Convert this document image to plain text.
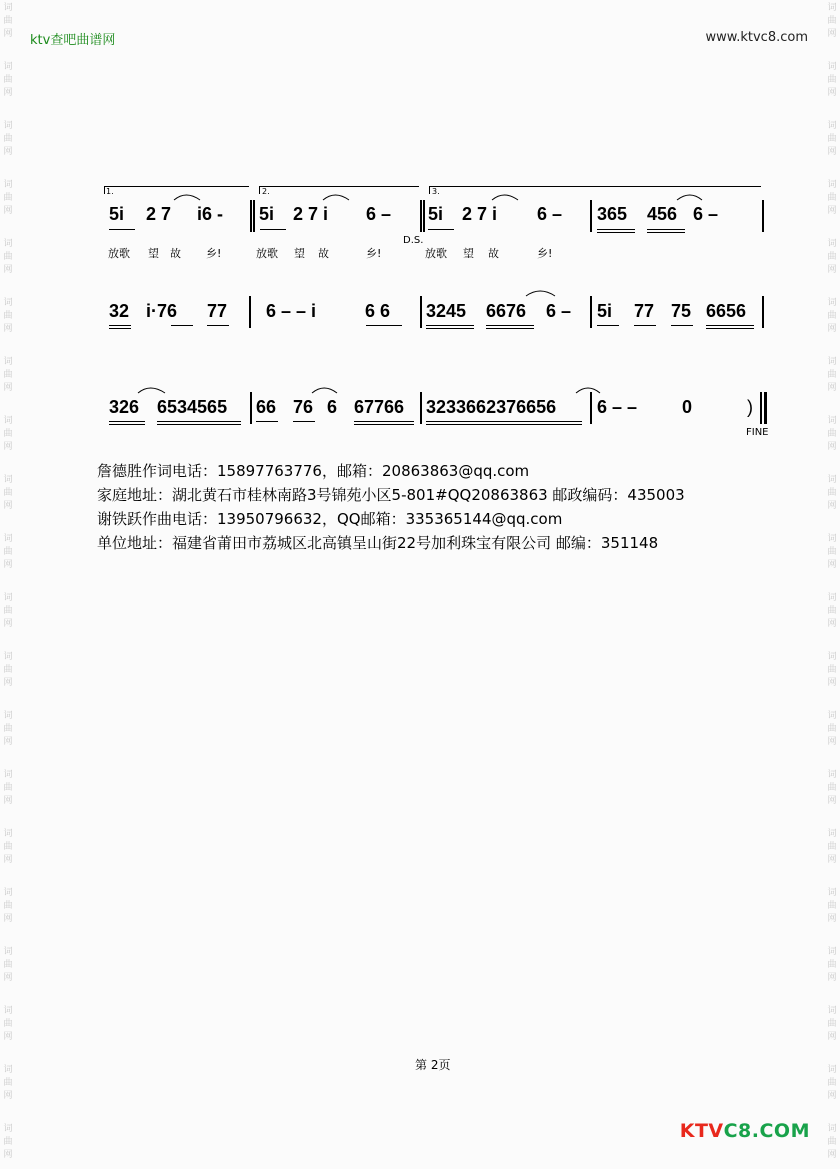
词
曲
网
词
曲
网
词
曲
网
词
曲
网
词
曲
网
词
曲
网
词
曲
网
词
曲
网
词
曲
网
词
曲
网
词
曲
网
词
曲
网
词
曲
网
词
曲
网
词
曲
网
词
曲
网
词
曲
网
词
曲
网
词
曲
网
词
曲
网
词
曲
网
词
曲
网
词
曲
网
词
曲
网
词
曲
网
词
曲
网
词
曲
网
词
曲
网
词
曲
网
词
曲
网
词
曲
网
词
曲
网
词
曲
网
词
曲
网
词
曲
网
词
曲
网
词
曲
网
词
曲
网
词
曲
网
词
曲
网
ktv查吧曲谱网	www.ktvc8.com
1.	2.	3.
5i 2 7 i6 - 5i 2 7 i 6 – 5i 2 7 i 6 – 365 456 6 –
放歌 望 故 乡!	放歌 望 故	乡!	放歌 望 故	乡!
D.S.
32 i·76 77 6 – – i	6 6 3245 6676 6 – 5i 77 75 6656
326 6534565 66 76 6 67766 3233662376656 6 – – 0	)
FINE
詹德胜作词电话：15897763776，邮箱：20863863@qq.com
家庭地址：湖北黄石市桂林南路3号锦苑小区5-801#QQ20863863 邮政编码：435003
谢铁跃作曲电话：13950796632，QQ邮箱：335365144@qq.com
单位地址：福建省莆田市荔城区北高镇呈山街22号加利珠宝有限公司 邮编：351148
第 2页
KTVC8.COM
